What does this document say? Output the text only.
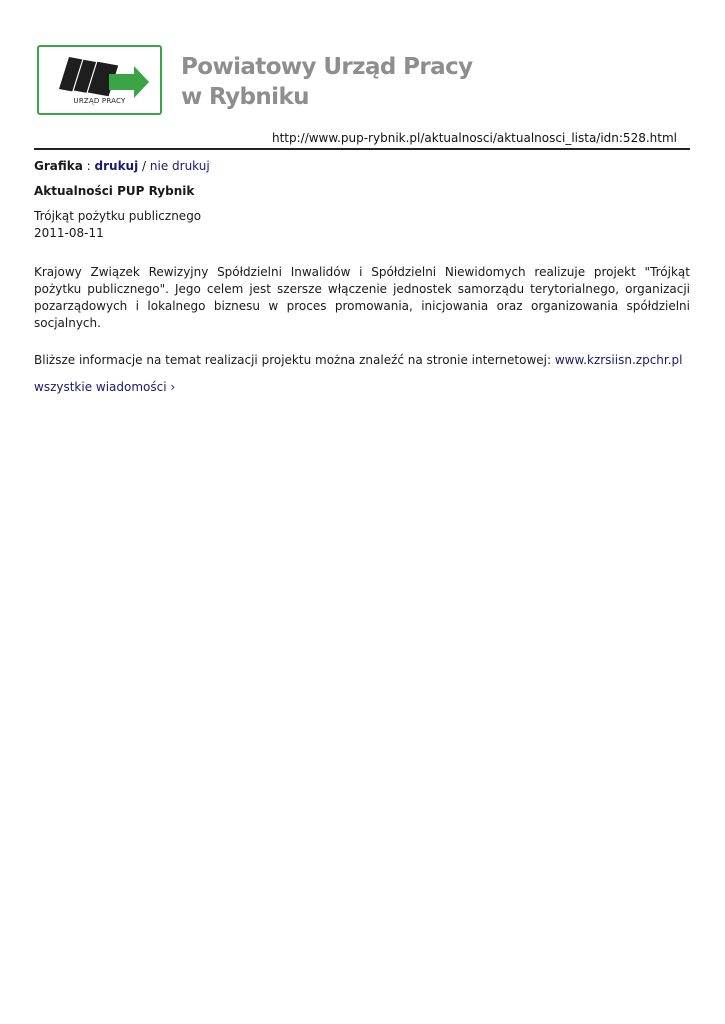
URZĄD PRACY
Powiatowy Urząd Pracy
w Rybniku
http://www.pup-rybnik.pl/aktualnosci/aktualnosci_lista/idn:528.html

Grafika : drukuj / nie drukuj

Aktualności PUP Rybnik

Trójkąt pożytku publicznego

2011-08-11

Krajowy Związek Rewizyjny Spółdzielni Inwalidów i Spółdzielni Niewidomych realizuje projekt "Trójkąt pożytku publicznego". Jego celem jest szersze włączenie jednostek samorządu terytorialnego, organizacji pozarządowych i lokalnego biznesu w proces promowania, inicjowania oraz organizowania spółdzielni socjalnych.

Bliższe informacje na temat realizacji projektu można znaleźć na stronie internetowej: www.kzrsiisn.zpchr.pl

wszystkie wiadomości ›
